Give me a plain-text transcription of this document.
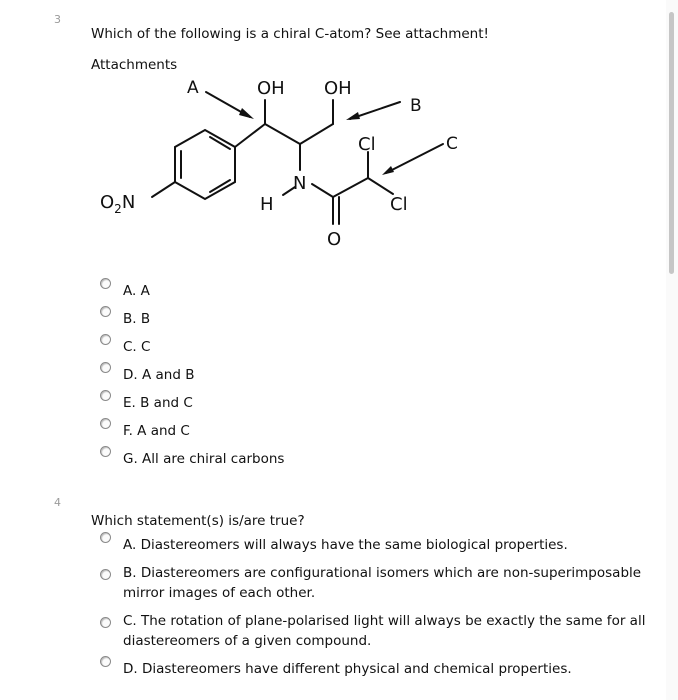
3
Which of the following is a chiral C-atom? See attachment!
Attachments
A	OH OH
B
C
Cl
Cl
N
H
O
$O_2N$
A. A
B. B
C. C
D. A and B
E. B and C
F. A and C
G. All are chiral carbons
4
Which statement(s) is/are true?
A. Diastereomers will always have the same biological properties.
B. Diastereomers are configurational isomers which are non-superimposable
mirror images of each other.
C. The rotation of plane-polarised light will always be exactly the same for all
diastereomers of a given compound.
D. Diastereomers have different physical and chemical properties.
